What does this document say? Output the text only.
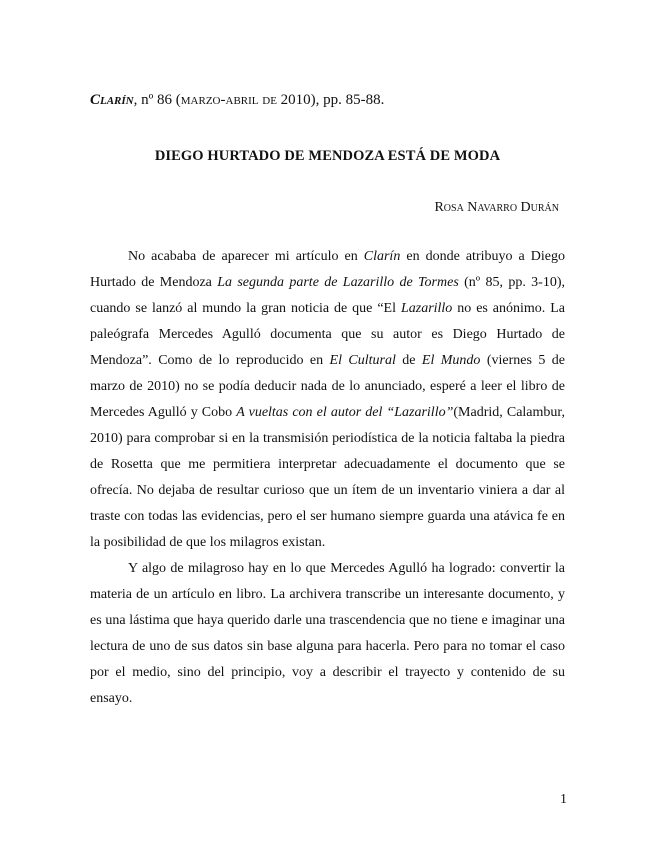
Clarín, nº 86 (marzo-abril de 2010), pp. 85-88.
DIEGO HURTADO DE MENDOZA ESTÁ DE MODA
Rosa Navarro Durán

No acababa de aparecer mi artículo en Clarín en donde atribuyo a Diego Hurtado de Mendoza La segunda parte de Lazarillo de Tormes (nº 85, pp. 3-10), cuando se lanzó al mundo la gran noticia de que “El Lazarillo no es anónimo. La paleógrafa Mercedes Agulló documenta que su autor es Diego Hurtado de Mendoza”. Como de lo reproducido en El Cultural de El Mundo (viernes 5 de marzo de 2010) no se podía deducir nada de lo anunciado, esperé a leer el libro de Mercedes Agulló y Cobo A vueltas con el autor del “Lazarillo”(Madrid, Calambur, 2010) para comprobar si en la transmisión periodística de la noticia faltaba la piedra de Rosetta que me permitiera interpretar adecuadamente el documento que se ofrecía. No dejaba de resultar curioso que un ítem de un inventario viniera a dar al traste con todas las evidencias, pero el ser humano siempre guarda una atávica fe en la posibilidad de que los milagros existan.

Y algo de milagroso hay en lo que Mercedes Agulló ha logrado: convertir la materia de un artículo en libro. La archivera transcribe un interesante documento, y es una lástima que haya querido darle una trascendencia que no tiene e imaginar una lectura de uno de sus datos sin base alguna para hacerla. Pero para no tomar el caso por el medio, sino del principio, voy a describir el trayecto y contenido de su ensayo.

1
